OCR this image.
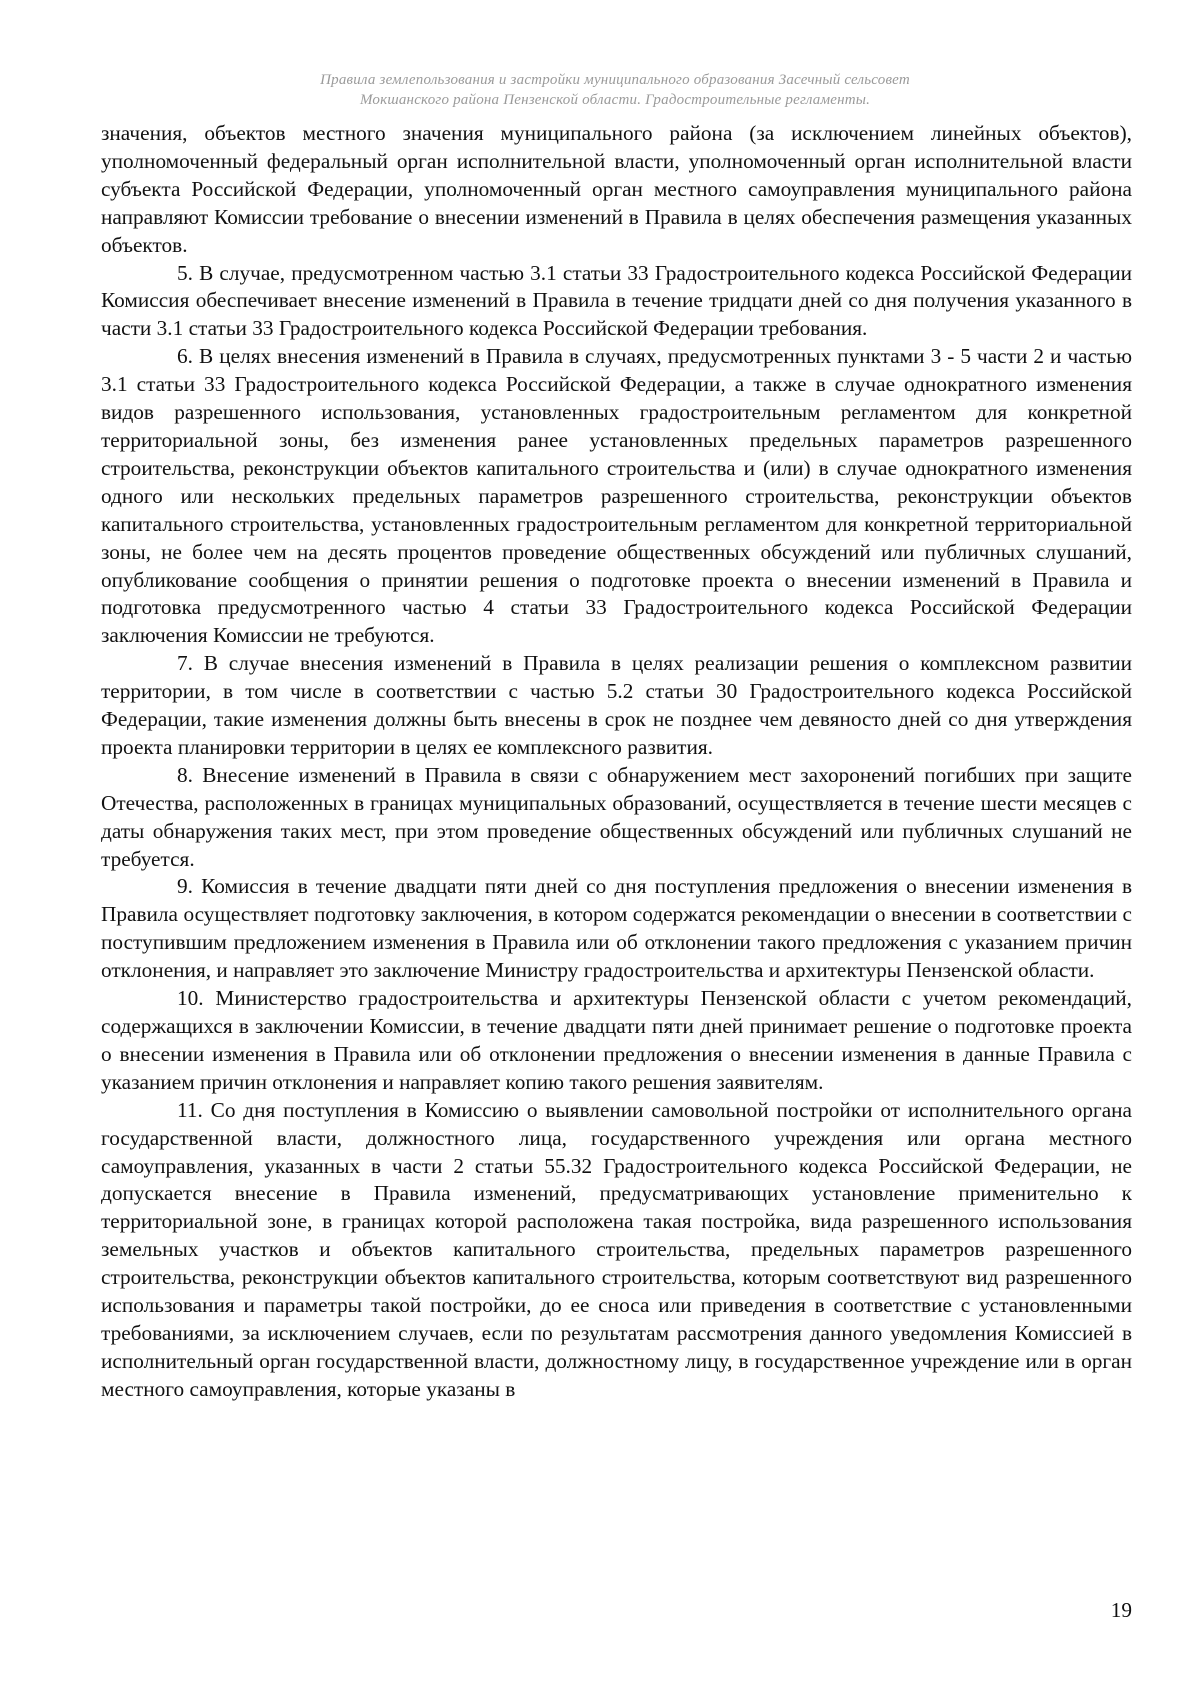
Правила землепользования и застройки муниципального образования Засечный сельсовет
Мокшанского района Пензенской области. Градостроительные регламенты.

значения, объектов местного значения муниципального района (за исключением линейных объектов), уполномоченный федеральный орган исполнительной власти, уполномоченный орган исполнительной власти субъекта Российской Федерации, уполномоченный орган местного самоуправления муниципального района направляют Комиссии требование о внесении изменений в Правила в целях обеспечения размещения указанных объектов.

5. В случае, предусмотренном частью 3.1 статьи 33 Градостроительного кодекса Российской Федерации Комиссия обеспечивает внесение изменений в Правила в течение тридцати дней со дня получения указанного в части 3.1 статьи 33 Градостроительного кодекса Российской Федерации требования.

6. В целях внесения изменений в Правила в случаях, предусмотренных пунктами 3 - 5 части 2 и частью 3.1 статьи 33 Градостроительного кодекса Российской Федерации, а также в случае однократного изменения видов разрешенного использования, установленных градостроительным регламентом для конкретной территориальной зоны, без изменения ранее установленных предельных параметров разрешенного строительства, реконструкции объектов капитального строительства и (или) в случае однократного изменения одного или нескольких предельных параметров разрешенного строительства, реконструкции объектов капитального строительства, установленных градостроительным регламентом для конкретной территориальной зоны, не более чем на десять процентов проведение общественных обсуждений или публичных слушаний, опубликование сообщения о принятии решения о подготовке проекта о внесении изменений в Правила и подготовка предусмотренного частью 4 статьи 33 Градостроительного кодекса Российской Федерации заключения Комиссии не требуются.

7. В случае внесения изменений в Правила в целях реализации решения о комплексном развитии территории, в том числе в соответствии с частью 5.2 статьи 30 Градостроительного кодекса Российской Федерации, такие изменения должны быть внесены в срок не позднее чем девяносто дней со дня утверждения проекта планировки территории в целях ее комплексного развития.

8. Внесение изменений в Правила в связи с обнаружением мест захоронений погибших при защите Отечества, расположенных в границах муниципальных образований, осуществляется в течение шести месяцев с даты обнаружения таких мест, при этом проведение общественных обсуждений или публичных слушаний не требуется.

9. Комиссия в течение двадцати пяти дней со дня поступления предложения о внесении изменения в Правила осуществляет подготовку заключения, в котором содержатся рекомендации о внесении в соответствии с поступившим предложением изменения в Правила или об отклонении такого предложения с указанием причин отклонения, и направляет это заключение Министру градостроительства и архитектуры Пензенской области.

10. Министерство градостроительства и архитектуры Пензенской области с учетом рекомендаций, содержащихся в заключении Комиссии, в течение двадцати пяти дней принимает решение о подготовке проекта о внесении изменения в Правила или об отклонении предложения о внесении изменения в данные Правила с указанием причин отклонения и направляет копию такого решения заявителям.

11. Со дня поступления в Комиссию о выявлении самовольной постройки от исполнительного органа государственной власти, должностного лица, государственного учреждения или органа местного самоуправления, указанных в части 2 статьи 55.32 Градостроительного кодекса Российской Федерации, не допускается внесение в Правила изменений, предусматривающих установление применительно к территориальной зоне, в границах которой расположена такая постройка, вида разрешенного использования земельных участков и объектов капитального строительства, предельных параметров разрешенного строительства, реконструкции объектов капитального строительства, которым соответствуют вид разрешенного использования и параметры такой постройки, до ее сноса или приведения в соответствие с установленными требованиями, за исключением случаев, если по результатам рассмотрения данного уведомления Комиссией в исполнительный орган государственной власти, должностному лицу, в государственное учреждение или в орган местного самоуправления, которые указаны в

19
